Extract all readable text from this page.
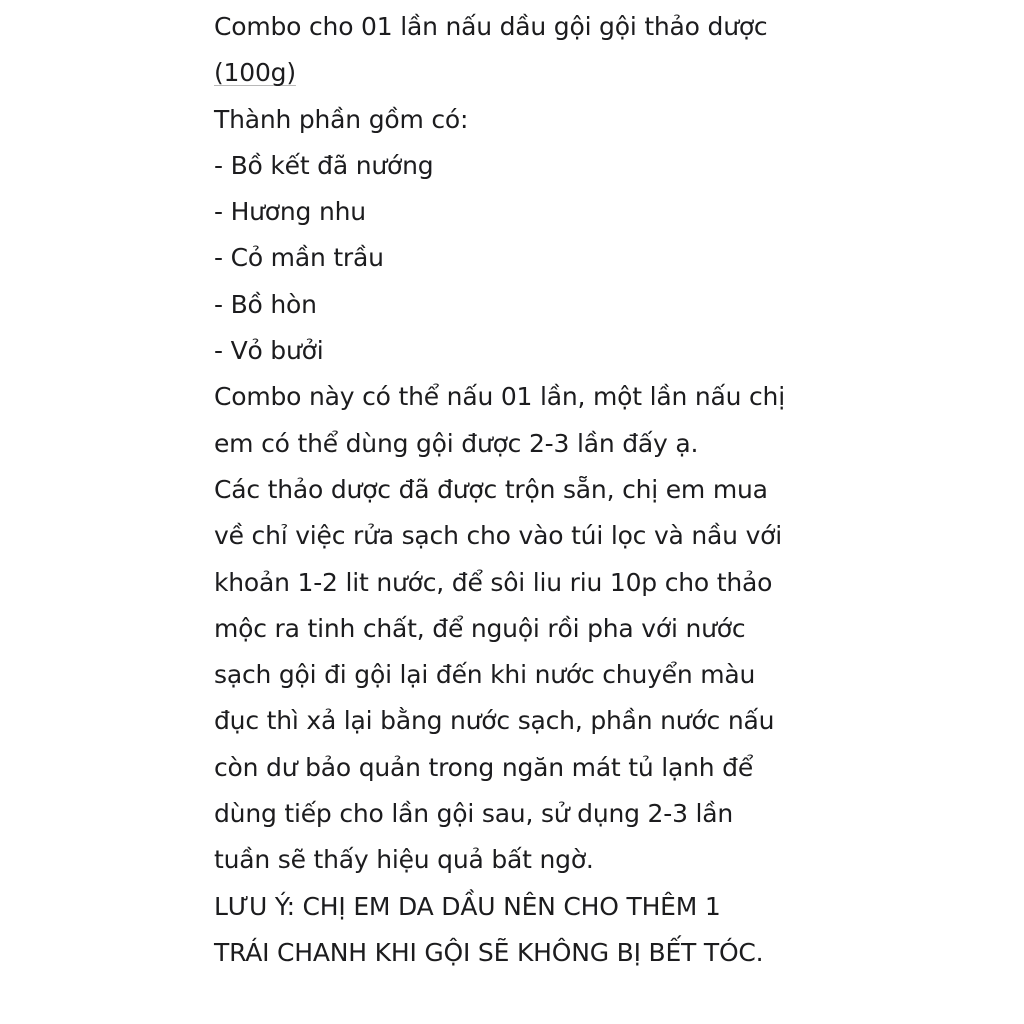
Combo cho 01 lần nấu dầu gội gội thảo dược
(100g)
Thành phần gồm có:
- Bồ kết đã nướng
- Hương nhu
- Cỏ mần trầu
- Bồ hòn
- Vỏ bưởi
Combo này có thể nấu 01 lần, một lần nấu chị
em có thể dùng gội được 2-3 lần đấy ạ.
Các thảo dược đã được trộn sẵn, chị em mua
về chỉ việc rửa sạch cho vào túi lọc và nầu với
khoản 1-2 lit nước, để sôi liu riu 10p cho thảo
mộc ra tinh chất, để nguội rồi pha với nước
sạch gội đi gội lại đến khi nước chuyển màu
đục thì xả lại bằng nước sạch, phần nước nấu
còn dư bảo quản trong ngăn mát tủ lạnh để
dùng tiếp cho lần gội sau, sử dụng 2-3 lần
tuần sẽ thấy hiệu quả bất ngờ.
LƯU Ý: CHỊ EM DA DẦU NÊN CHO THÊM 1
TRÁI CHANH KHI GỘI SẼ KHÔNG BỊ BẾT TÓC.
